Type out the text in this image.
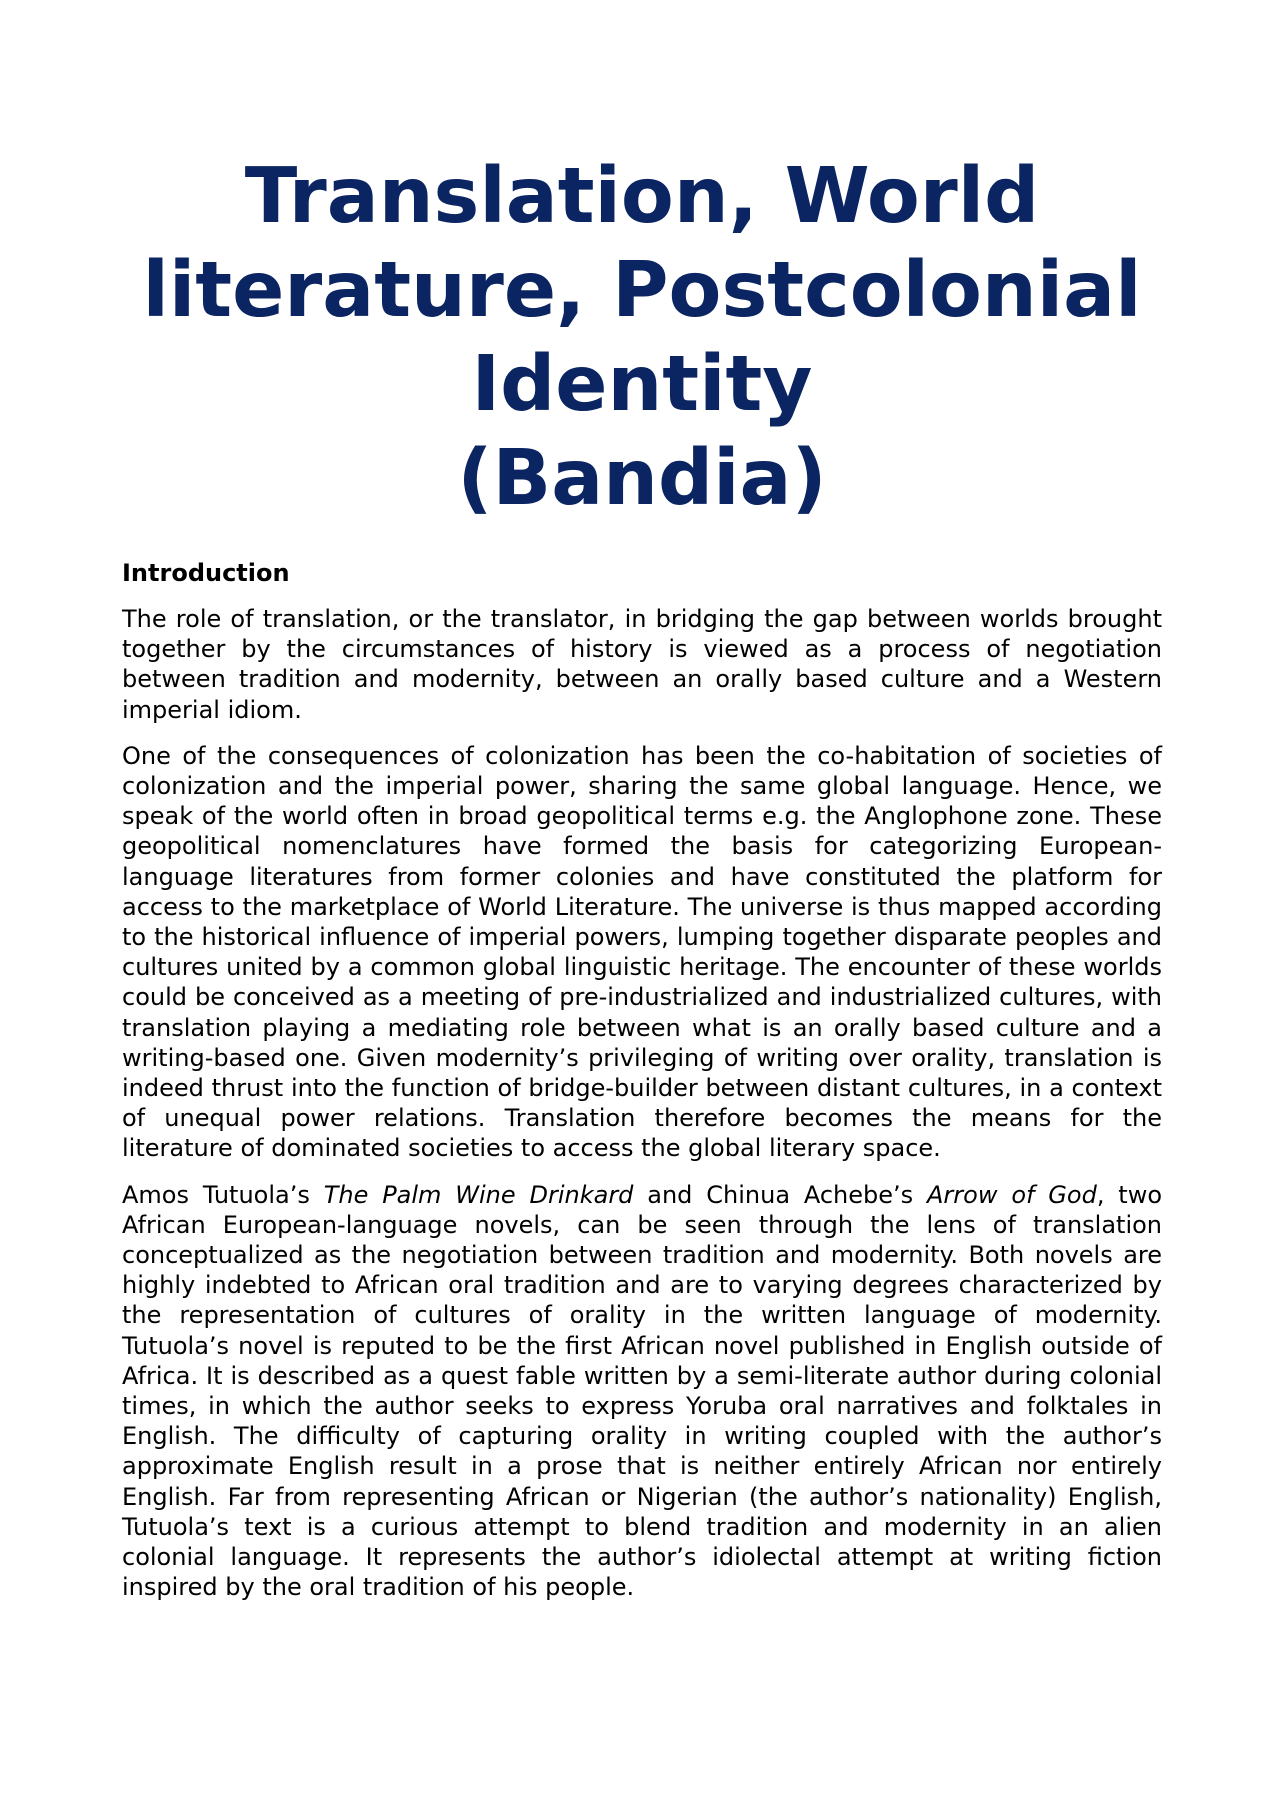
Translation, World
literature, Postcolonial
Identity
(Bandia)
Introduction

The role of translation, or the translator, in bridging the gap between worlds brought together by the circumstances of history is viewed as a process of negotiation between tradition and modernity, between an orally based culture and a Western imperial idiom.

One of the consequences of colonization has been the co-habitation of societies of colonization and the imperial power, sharing the same global language. Hence, we speak of the world often in broad geopolitical terms e.g. the Anglophone zone. These geopolitical nomenclatures have formed the basis for categorizing European-language literatures from former colonies and have constituted the platform for access to the marketplace of World Literature. The universe is thus mapped according to the historical influence of imperial powers, lumping together disparate peoples and cultures united by a common global linguistic heritage. The encounter of these worlds could be conceived as a meeting of pre-industrialized and industrialized cultures, with translation playing a mediating role between what is an orally based culture and a writing-based one. Given modernity’s privileging of writing over orality, translation is indeed thrust into the function of bridge-builder between distant cultures, in a context of unequal power relations. Translation therefore becomes the means for the literature of dominated societies to access the global literary space.

Amos Tutuola’s The Palm Wine Drinkard and Chinua Achebe’s Arrow of God, two African European-language novels, can be seen through the lens of translation conceptualized as the negotiation between tradition and modernity. Both novels are highly indebted to African oral tradition and are to varying degrees characterized by the representation of cultures of orality in the written language of modernity. Tutuola’s novel is reputed to be the first African novel published in English outside of Africa. It is described as a quest fable written by a semi-literate author during colonial times, in which the author seeks to express Yoruba oral narratives and folktales in English. The difficulty of capturing orality in writing coupled with the author’s approximate English result in a prose that is neither entirely African nor entirely English. Far from representing African or Nigerian (the author’s nationality) English, Tutuola’s text is a curious attempt to blend tradition and modernity in an alien colonial language. It represents the author’s idiolectal attempt at writing fiction inspired by the oral tradition of his people.
